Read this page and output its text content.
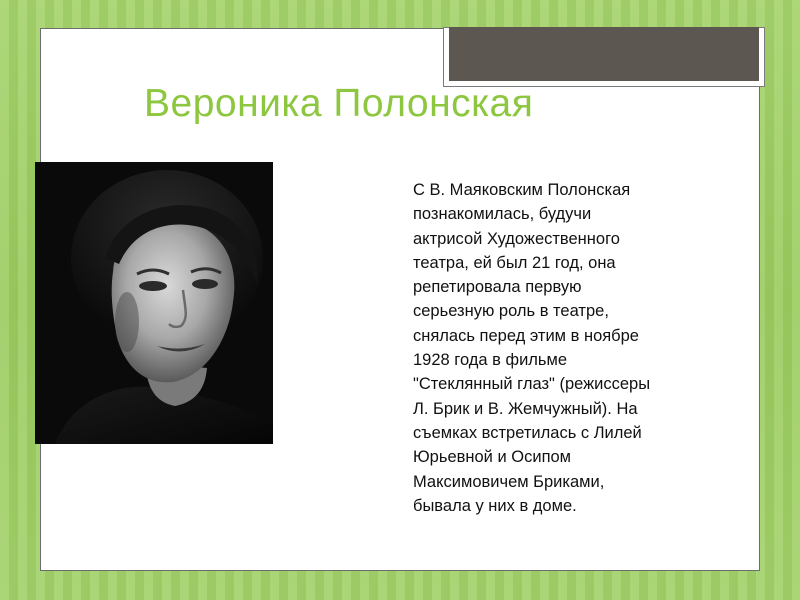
Вероника Полонская
С В. Маяковским Полонская
познакомилась, будучи
актрисой Художественного
театра, ей был 21 год, она
репетировала первую
серьезную роль в театре,
снялась перед этим в ноябре
1928 года в фильме
"Стеклянный глаз" (режиссеры
Л. Брик и В. Жемчужный). На
съемках встретилась с Лилей
Юрьевной и Осипом
Максимовичем Бриками,
бывала у них в доме.
